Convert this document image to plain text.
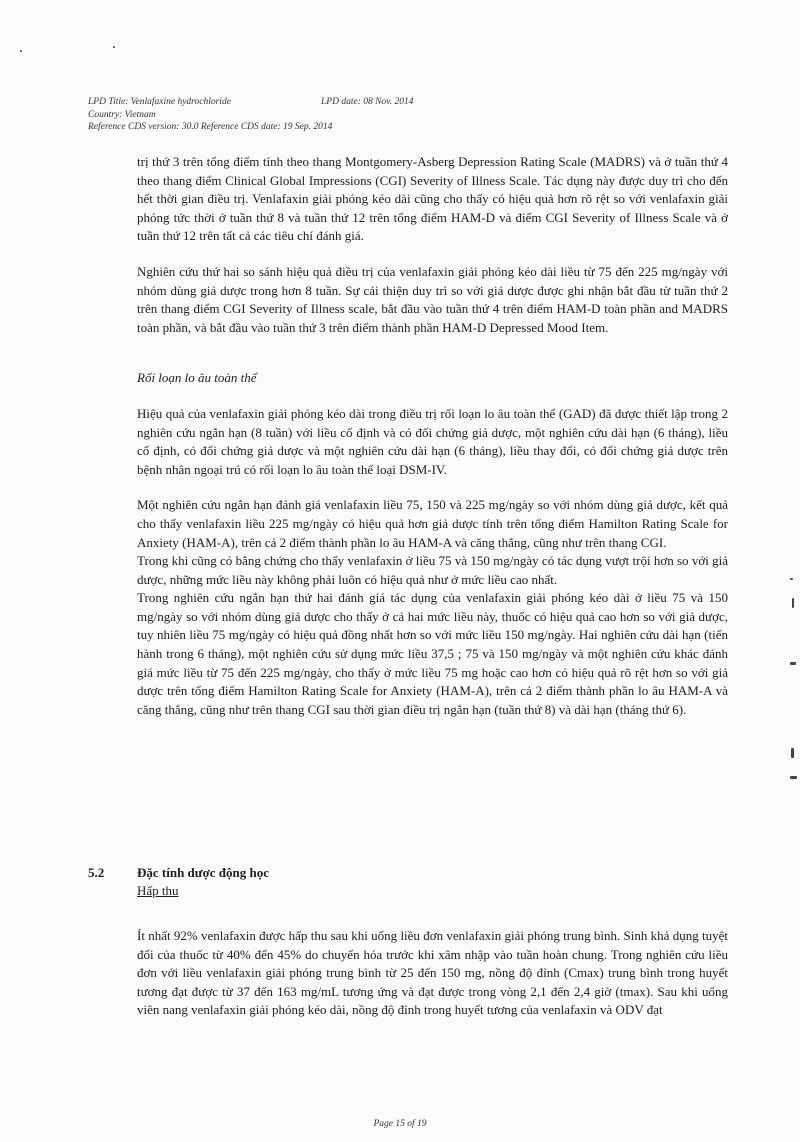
LPD Title: Venlafaxine hydrochloride	LPD date: 08 Nov. 2014
Country: Vietnam
Reference CDS version: 30.0 Reference CDS date: 19 Sep. 2014

trị thứ 3 trên tổng điểm tính theo thang Montgomery-Asberg Depression Rating Scale (MADRS) và ở tuần thứ 4 theo thang điểm Clinical Global Impressions (CGI) Severity of Illness Scale. Tác dụng này được duy trì cho đến hết thời gian điều trị. Venlafaxin giải phóng kéo dài cũng cho thấy có hiệu quả hơn rõ rệt so với venlafaxin giải phóng tức thời ở tuần thứ 8 và tuần thứ 12 trên tổng điểm HAM-D và điểm CGI Severity of Illness Scale và ở tuần thứ 12 trên tất cả các tiêu chí đánh giá.

Nghiên cứu thứ hai so sánh hiệu quả điều trị của venlafaxin giải phóng kéo dài liều từ 75 đến 225 mg/ngày với nhóm dùng giả dược trong hơn 8 tuần. Sự cải thiện duy trì so với giả dược được ghi nhận bắt đầu từ tuần thứ 2 trên thang điểm CGI Severity of Illness scale, bắt đầu vào tuần thứ 4 trên điểm HAM-D toàn phần and MADRS toàn phần, và bắt đầu vào tuần thứ 3 trên điểm thành phần HAM-D Depressed Mood Item.

Rối loạn lo âu toàn thể

Hiệu quả của venlafaxin giải phóng kéo dài trong điều trị rối loạn lo âu toàn thể (GAD) đã được thiết lập trong 2 nghiên cứu ngắn hạn (8 tuần) với liều cố định và có đối chứng giả dược, một nghiên cứu dài hạn (6 tháng), liều cố định, có đối chứng giả dược và một nghiên cứu dài hạn (6 tháng), liều thay đổi, có đối chứng giả dược trên bệnh nhân ngoại trú có rối loạn lo âu toàn thể loại DSM-IV.

Một nghiên cứu ngắn hạn đánh giá venlafaxin liều 75, 150 và 225 mg/ngày so với nhóm dùng giả dược, kết quả cho thấy venlafaxin liều 225 mg/ngày có hiệu quả hơn giả dược tính trên tổng điểm Hamilton Rating Scale for Anxiety (HAM-A), trên cả 2 điểm thành phần lo âu HAM-A và căng thẳng, cũng như trên thang CGI.

Trong khi cũng có bằng chứng cho thấy venlafaxin ở liều 75 và 150 mg/ngày có tác dụng vượt trội hơn so với giả dược, những mức liều này không phải luôn có hiệu quả như ở mức liều cao nhất.

Trong nghiên cứu ngắn hạn thứ hai đánh giá tác dụng của venlafaxin giải phóng kéo dài ở liều 75 và 150 mg/ngày so với nhóm dùng giả dược cho thấy ở cả hai mức liều này, thuốc có hiệu quả cao hơn so với giả dược, tuy nhiên liều 75 mg/ngày có hiệu quả đồng nhất hơn so với mức liều 150 mg/ngày. Hai nghiên cứu dài hạn (tiến hành trong 6 tháng), một nghiên cứu sử dụng mức liều 37,5 ; 75 và 150 mg/ngày và một nghiên cứu khác đánh giá mức liều từ 75 đến 225 mg/ngày, cho thấy ở mức liều 75 mg hoặc cao hơn có hiệu quả rõ rệt hơn so với giả dược trên tổng điểm Hamilton Rating Scale for Anxiety (HAM-A), trên cả 2 điểm thành phần lo âu HAM-A và căng thẳng, cũng như trên thang CGI sau thời gian điều trị ngắn hạn (tuần thứ 8) và dài hạn (tháng thứ 6).

5.2	Đặc tính dược động học
Hấp thu

Ít nhất 92% venlafaxin được hấp thu sau khi uống liều đơn venlafaxin giải phóng trung bình. Sinh khả dụng tuyệt đối của thuốc từ 40% đến 45% do chuyển hóa trước khi xâm nhập vào tuần hoàn chung. Trong nghiên cứu liều đơn với liều venlafaxin giải phóng trung bình từ 25 đến 150 mg, nồng độ đỉnh (Cmax) trung bình trong huyết tương đạt được từ 37 đến 163 mg/mL tương ứng và đạt được trong vòng 2,1 đến 2,4 giờ (tmax). Sau khi uống viên nang venlafaxin giải phóng kéo dài, nồng độ đỉnh trong huyết tương của venlafaxin và ODV đạt

Page 15 of 19
